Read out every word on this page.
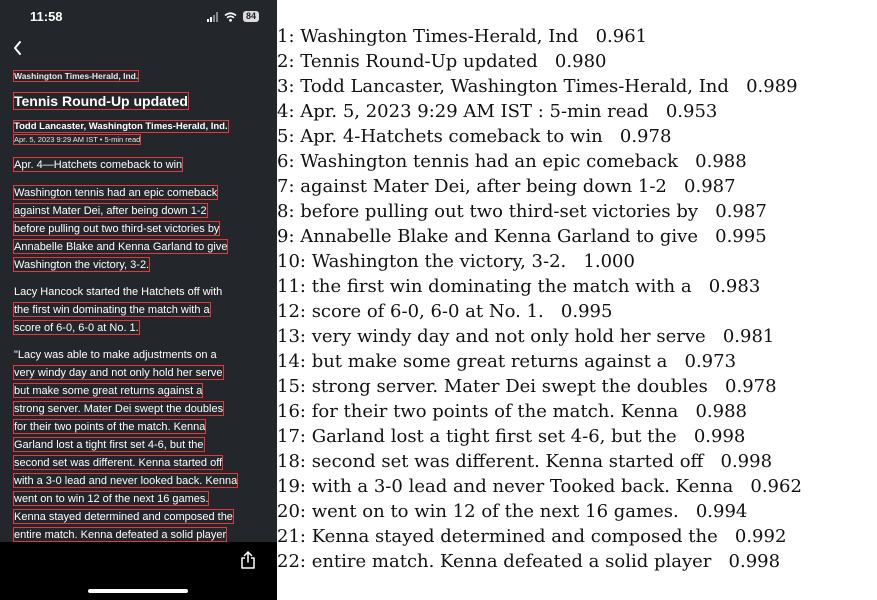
11:58	84
Washington Times-Herald, Ind.
Tennis Round-Up updated
Todd Lancaster, Washington Times-Herald, Ind.
Apr. 5, 2023 9:29 AM IST • 5-min read
Apr. 4—Hatchets comeback to win
Washington tennis had an epic comeback
against Mater Dei, after being down 1-2
before pulling out two third-set victories by
Annabelle Blake and Kenna Garland to give
Washington the victory, 3-2.
Lacy Hancock started the Hatchets off with
the first win dominating the match with a
score of 6-0, 6-0 at No. 1.
"Lacy was able to make adjustments on a
very windy day and not only hold her serve
but make some great returns against a
strong server. Mater Dei swept the doubles
for their two points of the match. Kenna
Garland lost a tight first set 4-6, but the
second set was different. Kenna started off
with a 3-0 lead and never looked back. Kenna
went on to win 12 of the next 16 games.
Kenna stayed determined and composed the
entire match. Kenna defeated a solid player
1: Washington Times-Herald, Ind   0.961
2: Tennis Round-Up updated   0.980
3: Todd Lancaster, Washington Times-Herald, Ind   0.989
4: Apr. 5, 2023 9:29 AM IST : 5-min read   0.953
5: Apr. 4-Hatchets comeback to win   0.978
6: Washington tennis had an epic comeback   0.988
7: against Mater Dei, after being down 1-2   0.987
8: before pulling out two third-set victories by   0.987
9: Annabelle Blake and Kenna Garland to give   0.995
10: Washington the victory, 3-2.   1.000
11: the first win dominating the match with a   0.983
12: score of 6-0, 6-0 at No. 1.   0.995
13: very windy day and not only hold her serve   0.981
14: but make some great returns against a   0.973
15: strong server. Mater Dei swept the doubles   0.978
16: for their two points of the match. Kenna   0.988
17: Garland lost a tight first set 4-6, but the   0.998
18: second set was different. Kenna started off   0.998
19: with a 3-0 lead and never Tooked back. Kenna   0.962
20: went on to win 12 of the next 16 games.   0.994
21: Kenna stayed determined and composed the   0.992
22: entire match. Kenna defeated a solid player   0.998
